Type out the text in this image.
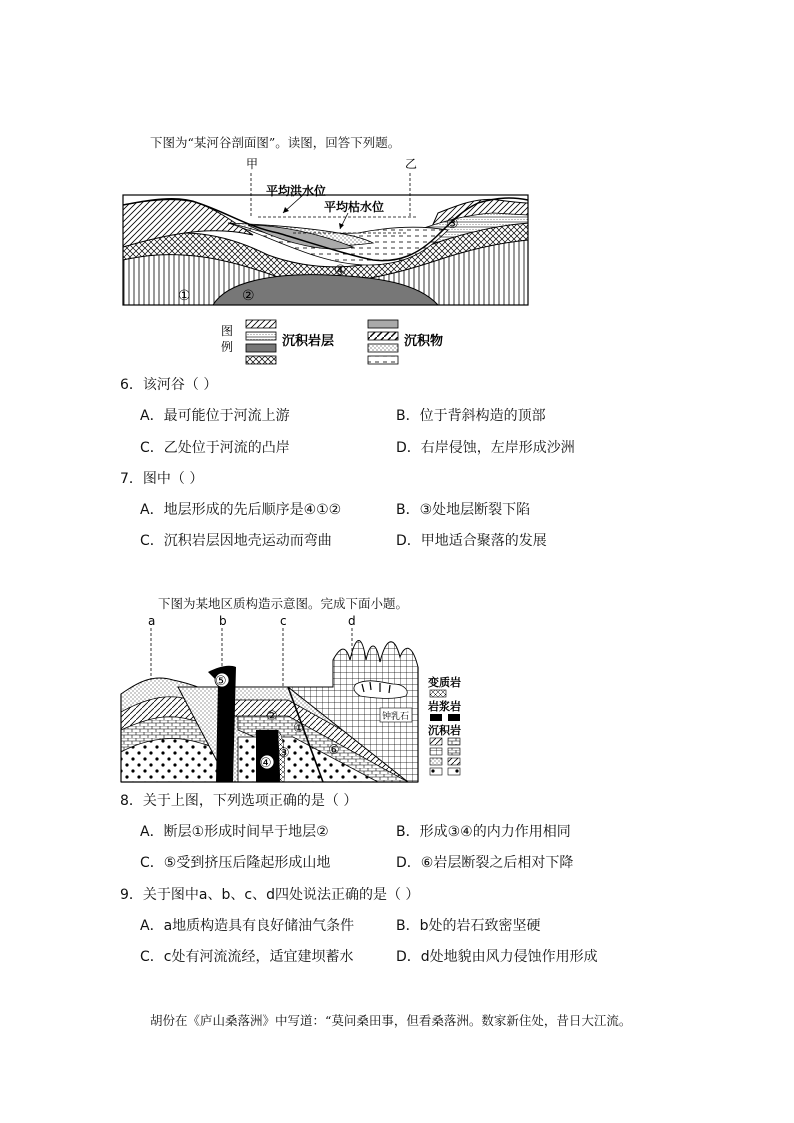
下图为“某河谷剖面图”。读图，回答下列题。
甲	乙
平均洪水位
平均枯水位
①	②
③
④
图
例	沉积岩层	沉积物
6．该河谷（ ）
A．最可能位于河流上游	B．位于背斜构造的顶部
C．乙处位于河流的凸岸	D．右岸侵蚀，左岸形成沙洲
7．图中（ ）
A．地层形成的先后顺序是④①②	B．③处地层断裂下陷
C．沉积岩层因地壳运动而弯曲	D．甲地适合聚落的发展
下图为某地区质构造示意图。完成下面小题。
钟乳石
a	b	c	d
⑤
②
①
③
④
⑥
变质岩
岩浆岩
沉积岩
8．关于上图，下列选项正确的是（ ）
A．断层①形成时间早于地层②	B．形成③④的内力作用相同
C．⑤受到挤压后隆起形成山地	D．⑥岩层断裂之后相对下降
9．关于图中a、b、c、d四处说法正确的是（ ）
A．a地质构造具有良好储油气条件	B．b处的岩石致密坚硬
C．c处有河流流经，适宜建坝蓄水	D．d处地貌由风力侵蚀作用形成
胡份在《庐山桑落洲》中写道：“莫问桑田事，但看桑落洲。数家新住处，昔日大江流。
